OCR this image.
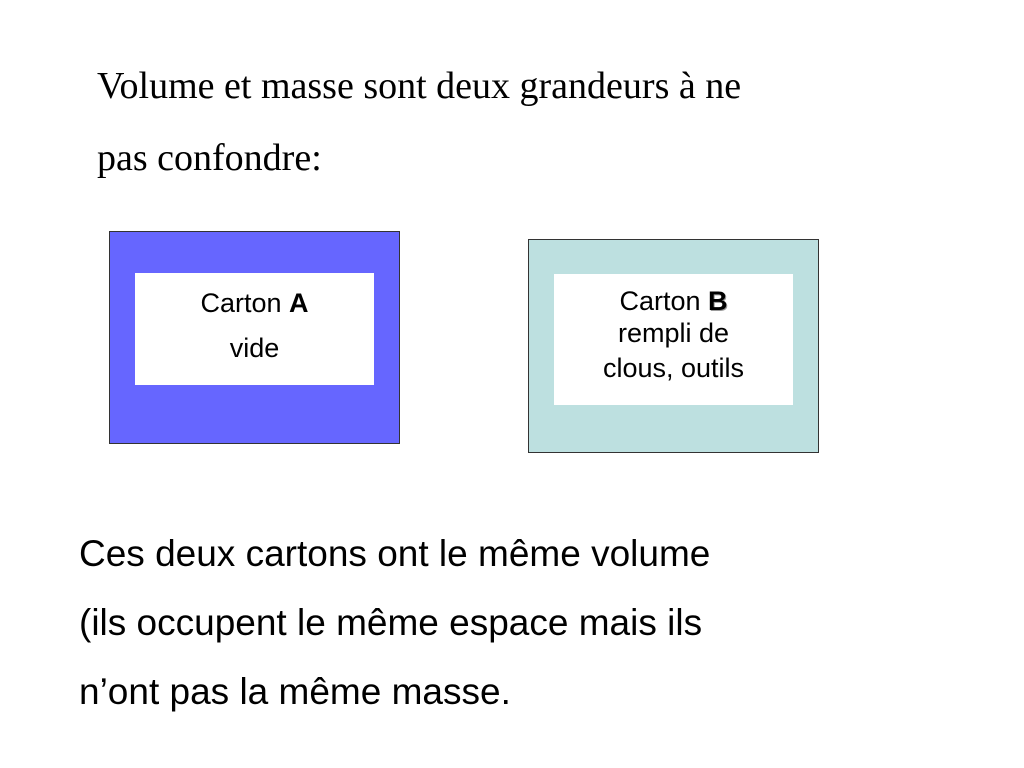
Volume et masse sont deux grandeurs à ne
pas confondre:
Carton A
vide
Carton B
rempli de
clous, outils
Ces deux cartons ont le même volume
(ils occupent le même espace mais ils
n’ont pas la même masse.
